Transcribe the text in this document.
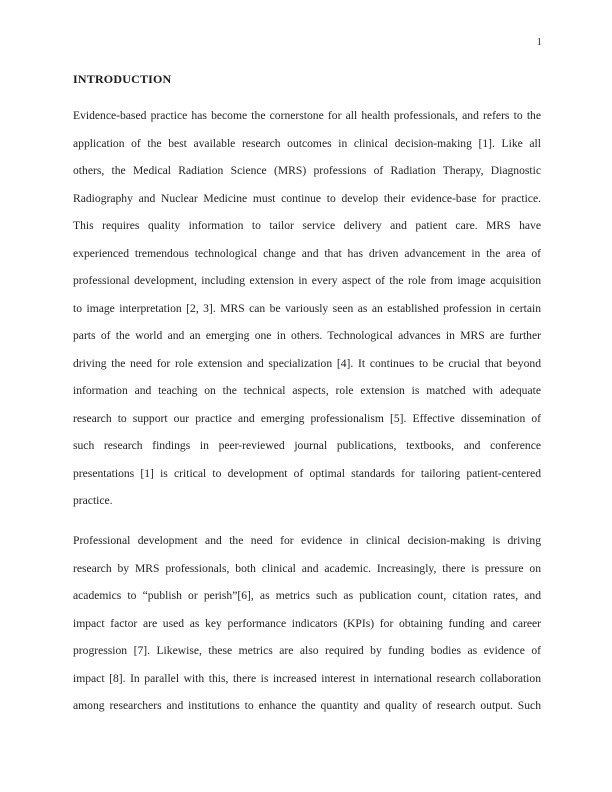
1
INTRODUCTION
Evidence-based practice has become the cornerstone for all health professionals, and refers to the
application of the best available research outcomes in clinical decision-making [1]. Like all
others, the Medical Radiation Science (MRS) professions of Radiation Therapy, Diagnostic
Radiography and Nuclear Medicine must continue to develop their evidence-base for practice.
This requires quality information to tailor service delivery and patient care. MRS have
experienced tremendous technological change and that has driven advancement in the area of
professional development, including extension in every aspect of the role from image acquisition
to image interpretation [2, 3]. MRS can be variously seen as an established profession in certain
parts of the world and an emerging one in others. Technological advances in MRS are further
driving the need for role extension and specialization [4]. It continues to be crucial that beyond
information and teaching on the technical aspects, role extension is matched with adequate
research to support our practice and emerging professionalism [5]. Effective dissemination of
such research findings in peer-reviewed journal publications, textbooks, and conference
presentations [1] is critical to development of optimal standards for tailoring patient-centered
practice.
Professional development and the need for evidence in clinical decision-making is driving
research by MRS professionals, both clinical and academic. Increasingly, there is pressure on
academics to “publish or perish”[6], as metrics such as publication count, citation rates, and
impact factor are used as key performance indicators (KPIs) for obtaining funding and career
progression [7]. Likewise, these metrics are also required by funding bodies as evidence of
impact [8]. In parallel with this, there is increased interest in international research collaboration
among researchers and institutions to enhance the quantity and quality of research output. Such
